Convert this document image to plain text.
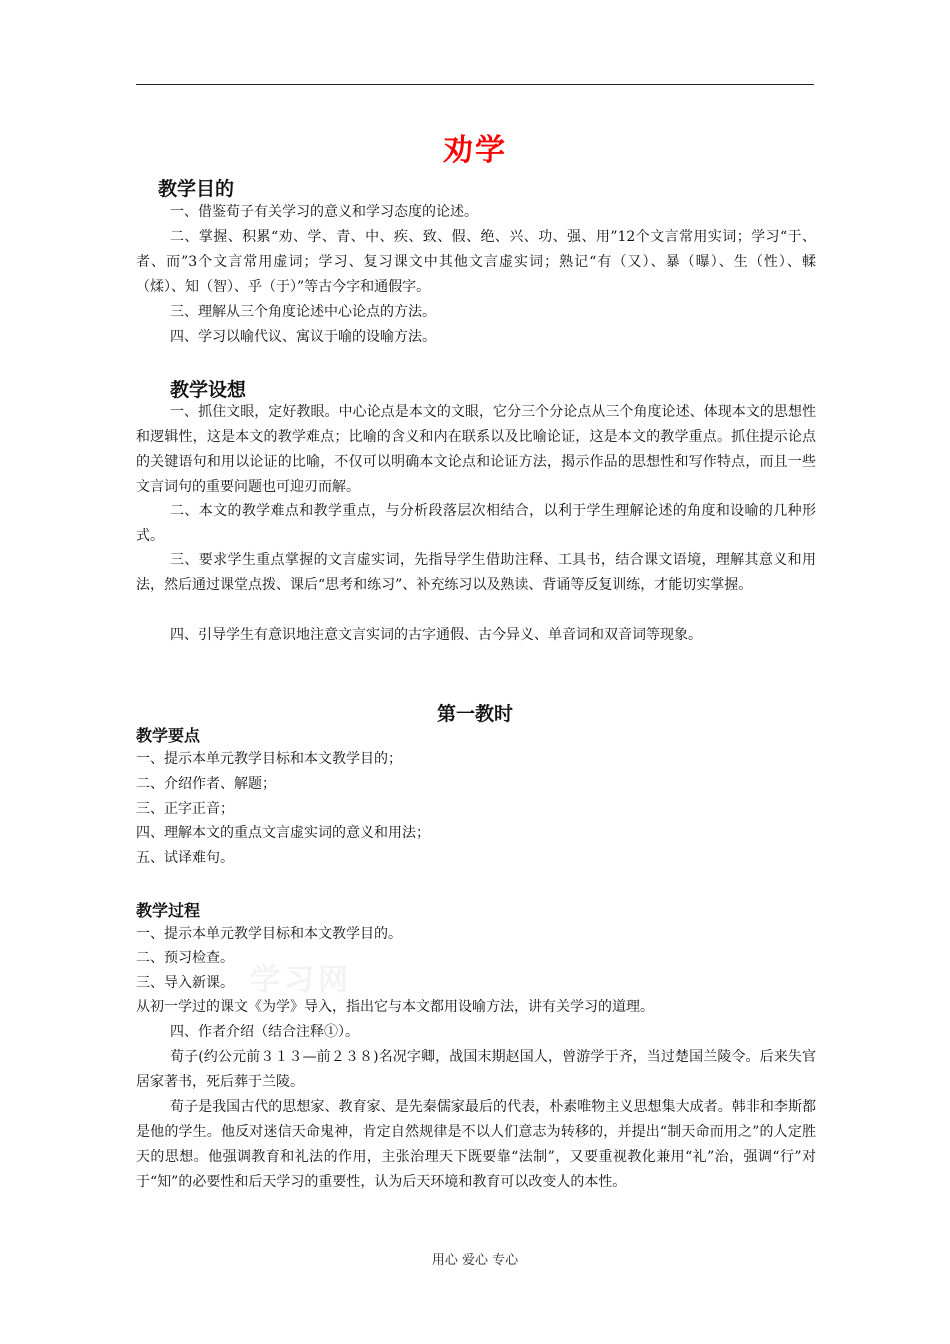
劝学
学习网
教学目的

一、借鉴荀子有关学习的意义和学习态度的论述。

二、掌握、积累“劝、学、青、中、疾、致、假、绝、兴、功、强、用”12个文言常用实词；学习“于、者、而”3个文言常用虚词；学习、复习课文中其他文言虚实词；熟记“有（又）、暴（曝）、生（性）、輮（煣）、知（智）、乎（于）”等古今字和通假字。

三、理解从三个角度论述中心论点的方法。

四、学习以喻代议、寓议于喻的设喻方法。

教学设想

一、抓住文眼，定好教眼。中心论点是本文的文眼，它分三个分论点从三个角度论述、体现本文的思想性和逻辑性，这是本文的教学难点；比喻的含义和内在联系以及比喻论证，这是本文的教学重点。抓住提示论点的关键语句和用以论证的比喻，不仅可以明确本文论点和论证方法，揭示作品的思想性和写作特点，而且一些文言词句的重要问题也可迎刃而解。

二、本文的教学难点和教学重点，与分析段落层次相结合，以利于学生理解论述的角度和设喻的几种形式。

三、要求学生重点掌握的文言虚实词，先指导学生借助注释、工具书，结合课文语境，理解其意义和用法，然后通过课堂点拨、课后“思考和练习”、补充练习以及熟读、背诵等反复训练，才能切实掌握。

四、引导学生有意识地注意文言实词的古字通假、古今异义、单音词和双音词等现象。

第一教时
教学要点
一、提示本单元教学目标和本文教学目的；
二、介绍作者、解题；
三、正字正音；
四、理解本文的重点文言虚实词的意义和用法；
五、试译难句。
教学过程
一、提示本单元教学目标和本文教学目的。
二、预习检查。
三、导入新课。
从初一学过的课文《为学》导入，指出它与本文都用设喻方法，讲有关学习的道理。

四、作者介绍（结合注释①）。

荀子(约公元前３１３—前２３８)名况字卿，战国末期赵国人，曾游学于齐，当过楚国兰陵令。后来失官居家著书，死后葬于兰陵。

荀子是我国古代的思想家、教育家、是先秦儒家最后的代表，朴素唯物主义思想集大成者。韩非和李斯都是他的学生。他反对迷信天命鬼神，肯定自然规律是不以人们意志为转移的，并提出“制天命而用之”的人定胜天的思想。他强调教育和礼法的作用，主张治理天下既要靠“法制”，又要重视教化兼用“礼”治，强调“行”对于“知”的必要性和后天学习的重要性，认为后天环境和教育可以改变人的本性。

用心 爱心 专心
